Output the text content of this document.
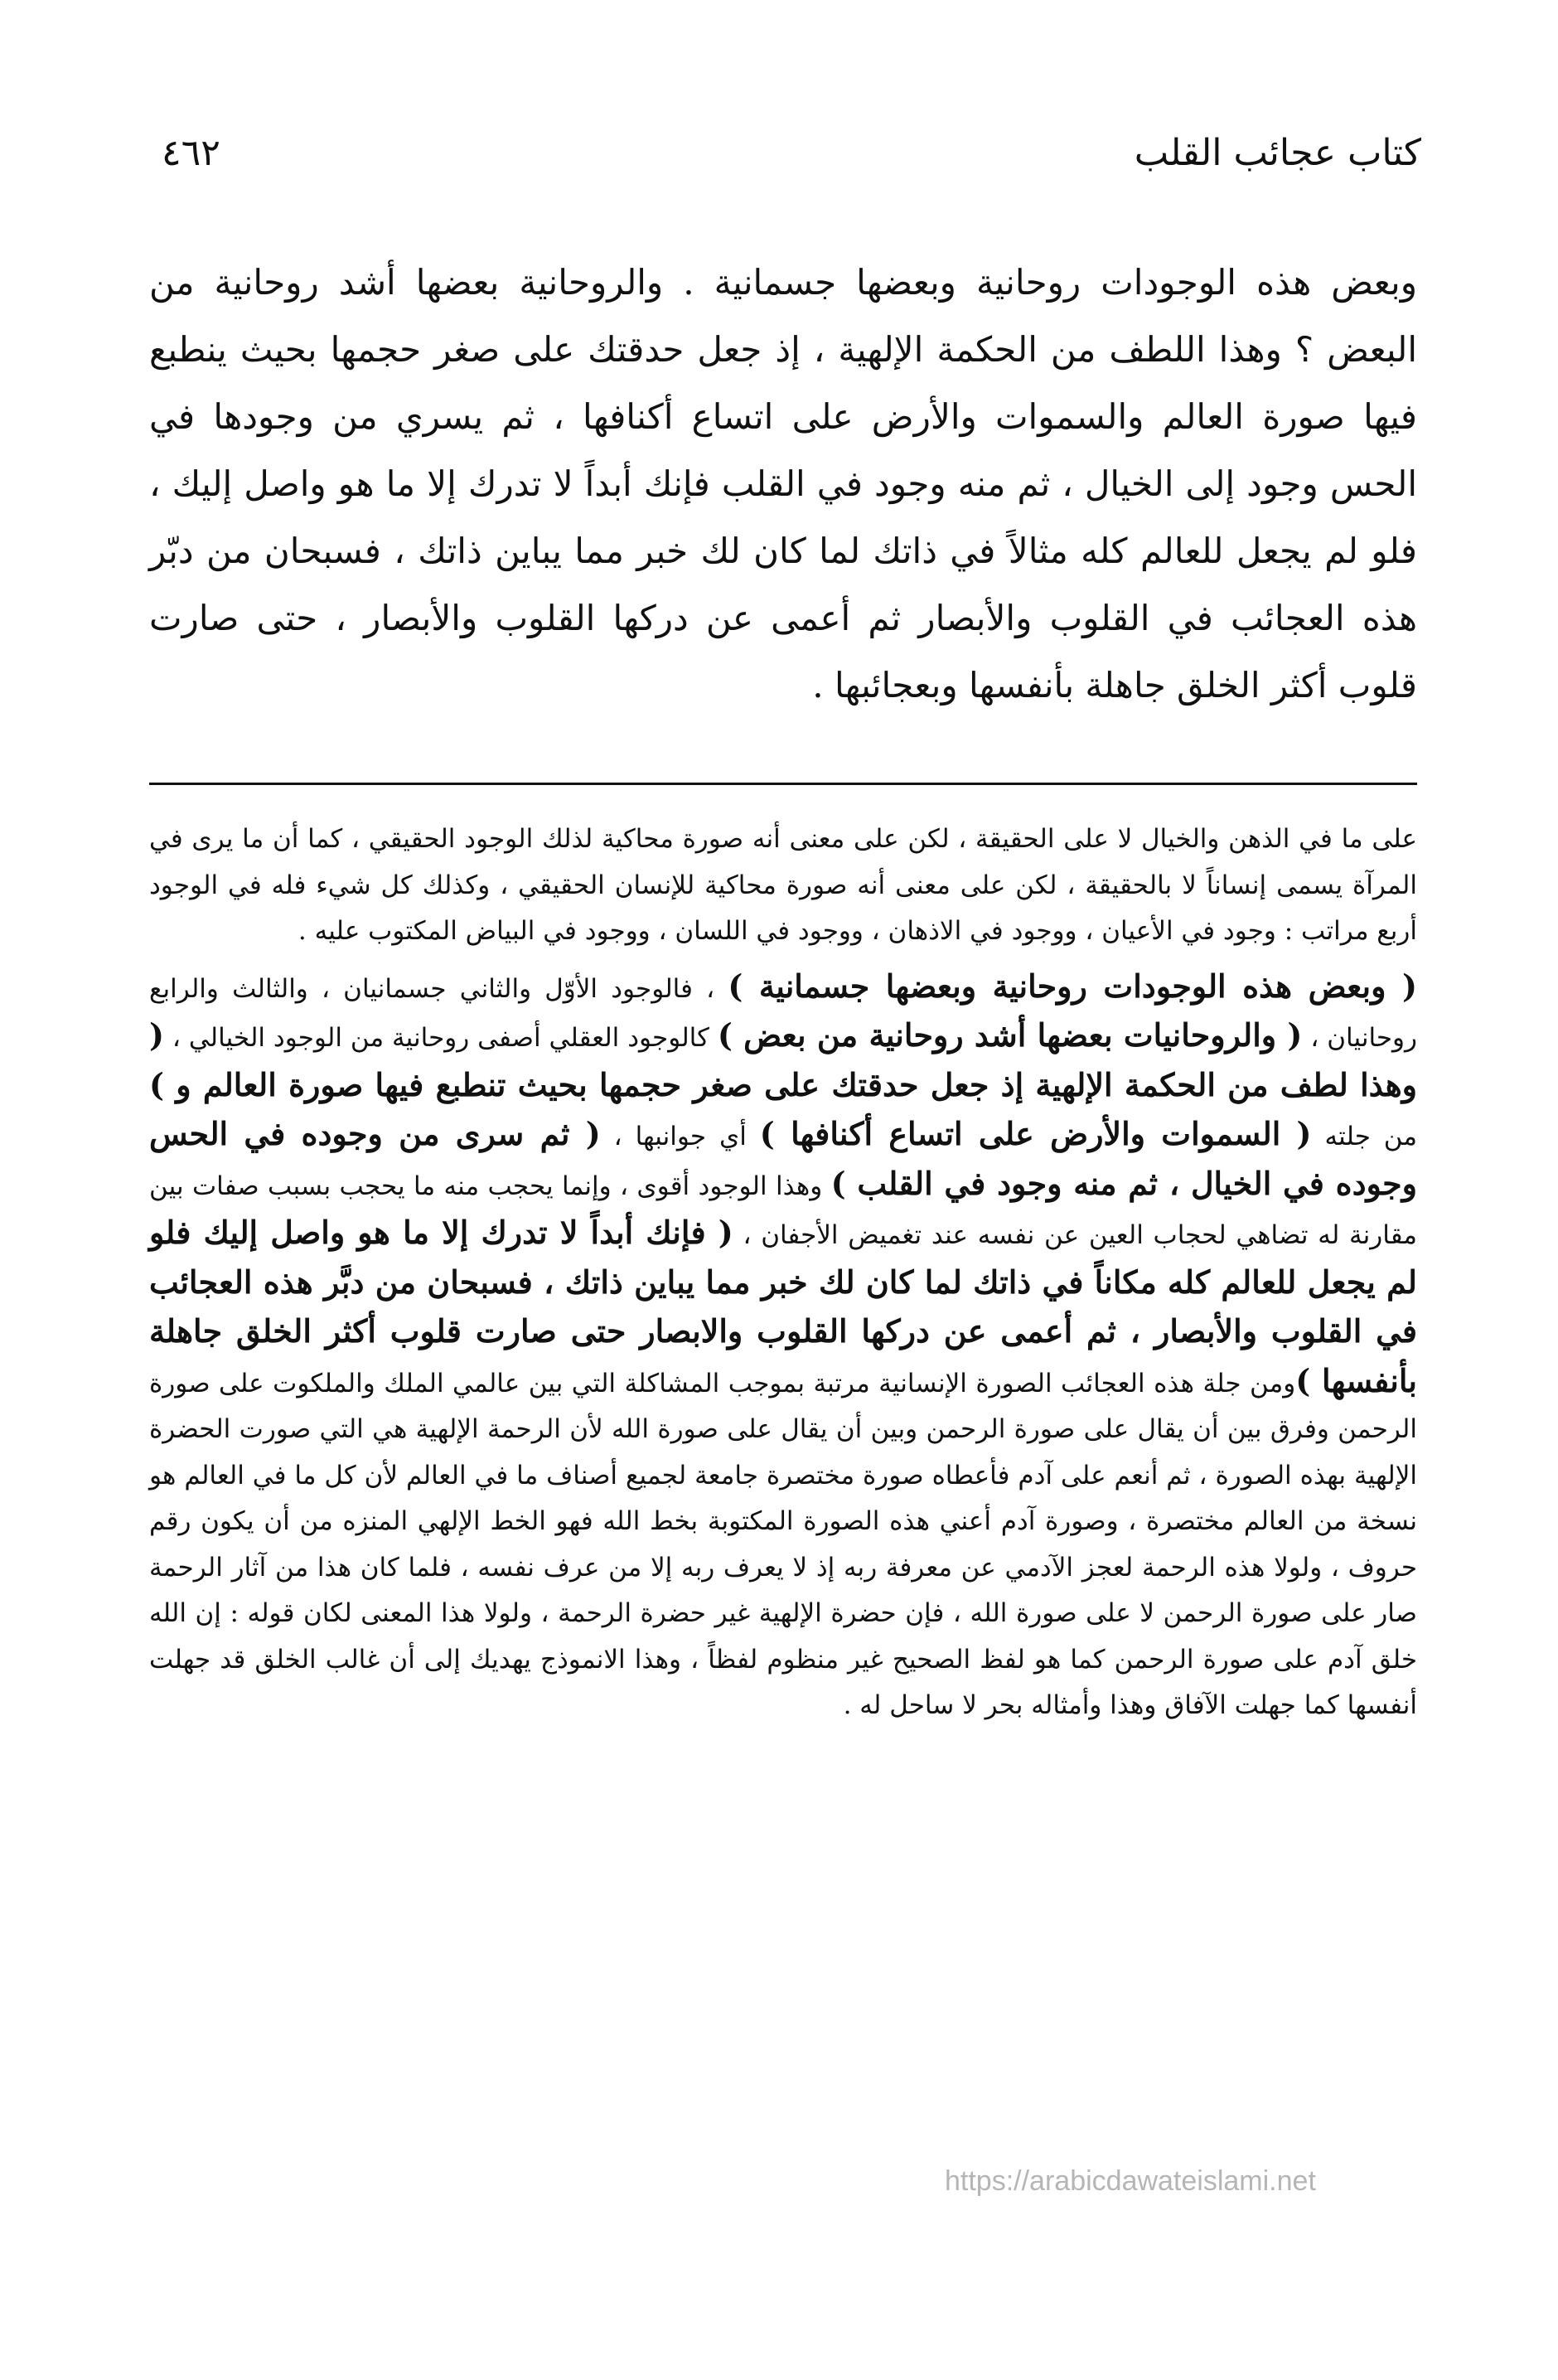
٤٦٢	كتاب عجائب القلب

وبعض هذه الوجودات روحانية وبعضها جسمانية . والروحانية بعضها أشد روحانية من البعض ؟ وهذا اللطف من الحكمة الإلهية ، إذ جعل حدقتك على صغر حجمها بحيث ينطبع فيها صورة العالم والسموات والأرض على اتساع أكنافها ، ثم يسري من وجودها في الحس وجود إلى الخيال ، ثم منه وجود في القلب فإنك أبداً لا تدرك إلا ما هو واصل إليك ، فلو لم يجعل للعالم كله مثالاً في ذاتك لما كان لك خبر مما يباين ذاتك ، فسبحان من دبّر هذه العجائب في القلوب والأبصار ثم أعمى عن دركها القلوب والأبصار ، حتى صارت قلوب أكثر الخلق جاهلة بأنفسها وبعجائبها .

على ما في الذهن والخيال لا على الحقيقة ، لكن على معنى أنه صورة محاكية لذلك الوجود الحقيقي ، كما أن ما يرى في المرآة يسمى إنساناً لا بالحقيقة ، لكن على معنى أنه صورة محاكية للإنسان الحقيقي ، وكذلك كل شيء فله في الوجود أربع مراتب : وجود في الأعيان ، ووجود في الاذهان ، ووجود في اللسان ، ووجود في البياض المكتوب عليه .

( وبعض هذه الوجودات روحانية وبعضها جسمانية ) ، فالوجود الأوّل والثاني جسمانيان ، والثالث والرابع روحانيان ، ( والروحانيات بعضها أشد روحانية من بعض ) كالوجود العقلي أصفى روحانية من الوجود الخيالي ، ( وهذا لطف من الحكمة الإلهية إذ جعل حدقتك على صغر حجمها بحيث تنطبع فيها صورة العالم و ) من جلته ( السموات والأرض على اتساع أكنافها ) أي جوانبها ، ( ثم سرى من وجوده في الحس وجوده في الخيال ، ثم منه وجود في القلب ) وهذا الوجود أقوى ، وإنما يحجب منه ما يحجب بسبب صفات بين مقارنة له تضاهي لحجاب العين عن نفسه عند تغميض الأجفان ، ( فإنك أبداً لا تدرك إلا ما هو واصل إليك فلو لم يجعل للعالم كله مكاناً في ذاتك لما كان لك خبر مما يباين ذاتك ، فسبحان من دبَّر هذه العجائب في القلوب والأبصار ، ثم أعمى عن دركها القلوب والابصار حتى صارت قلوب أكثر الخلق جاهلة بأنفسها )ومن جلة هذه العجائب الصورة الإنسانية مرتبة بموجب المشاكلة التي بين عالمي الملك والملكوت على صورة الرحمن وفرق بين أن يقال على صورة الرحمن وبين أن يقال على صورة الله لأن الرحمة الإلهية هي التي صورت الحضرة الإلهية بهذه الصورة ، ثم أنعم على آدم فأعطاه صورة مختصرة جامعة لجميع أصناف ما في العالم لأن كل ما في العالم هو نسخة من العالم مختصرة ، وصورة آدم أعني هذه الصورة المكتوبة بخط الله فهو الخط الإلهي المنزه من أن يكون رقم حروف ، ولولا هذه الرحمة لعجز الآدمي عن معرفة ربه إذ لا يعرف ربه إلا من عرف نفسه ، فلما كان هذا من آثار الرحمة صار على صورة الرحمن لا على صورة الله ، فإن حضرة الإلهية غير حضرة الرحمة ، ولولا هذا المعنى لكان قوله : إن الله خلق آدم على صورة الرحمن كما هو لفظ الصحيح غير منظوم لفظاً ، وهذا الانموذج يهديك إلى أن غالب الخلق قد جهلت أنفسها كما جهلت الآفاق وهذا وأمثاله بحر لا ساحل له .

https://arabicdawateislami.net
